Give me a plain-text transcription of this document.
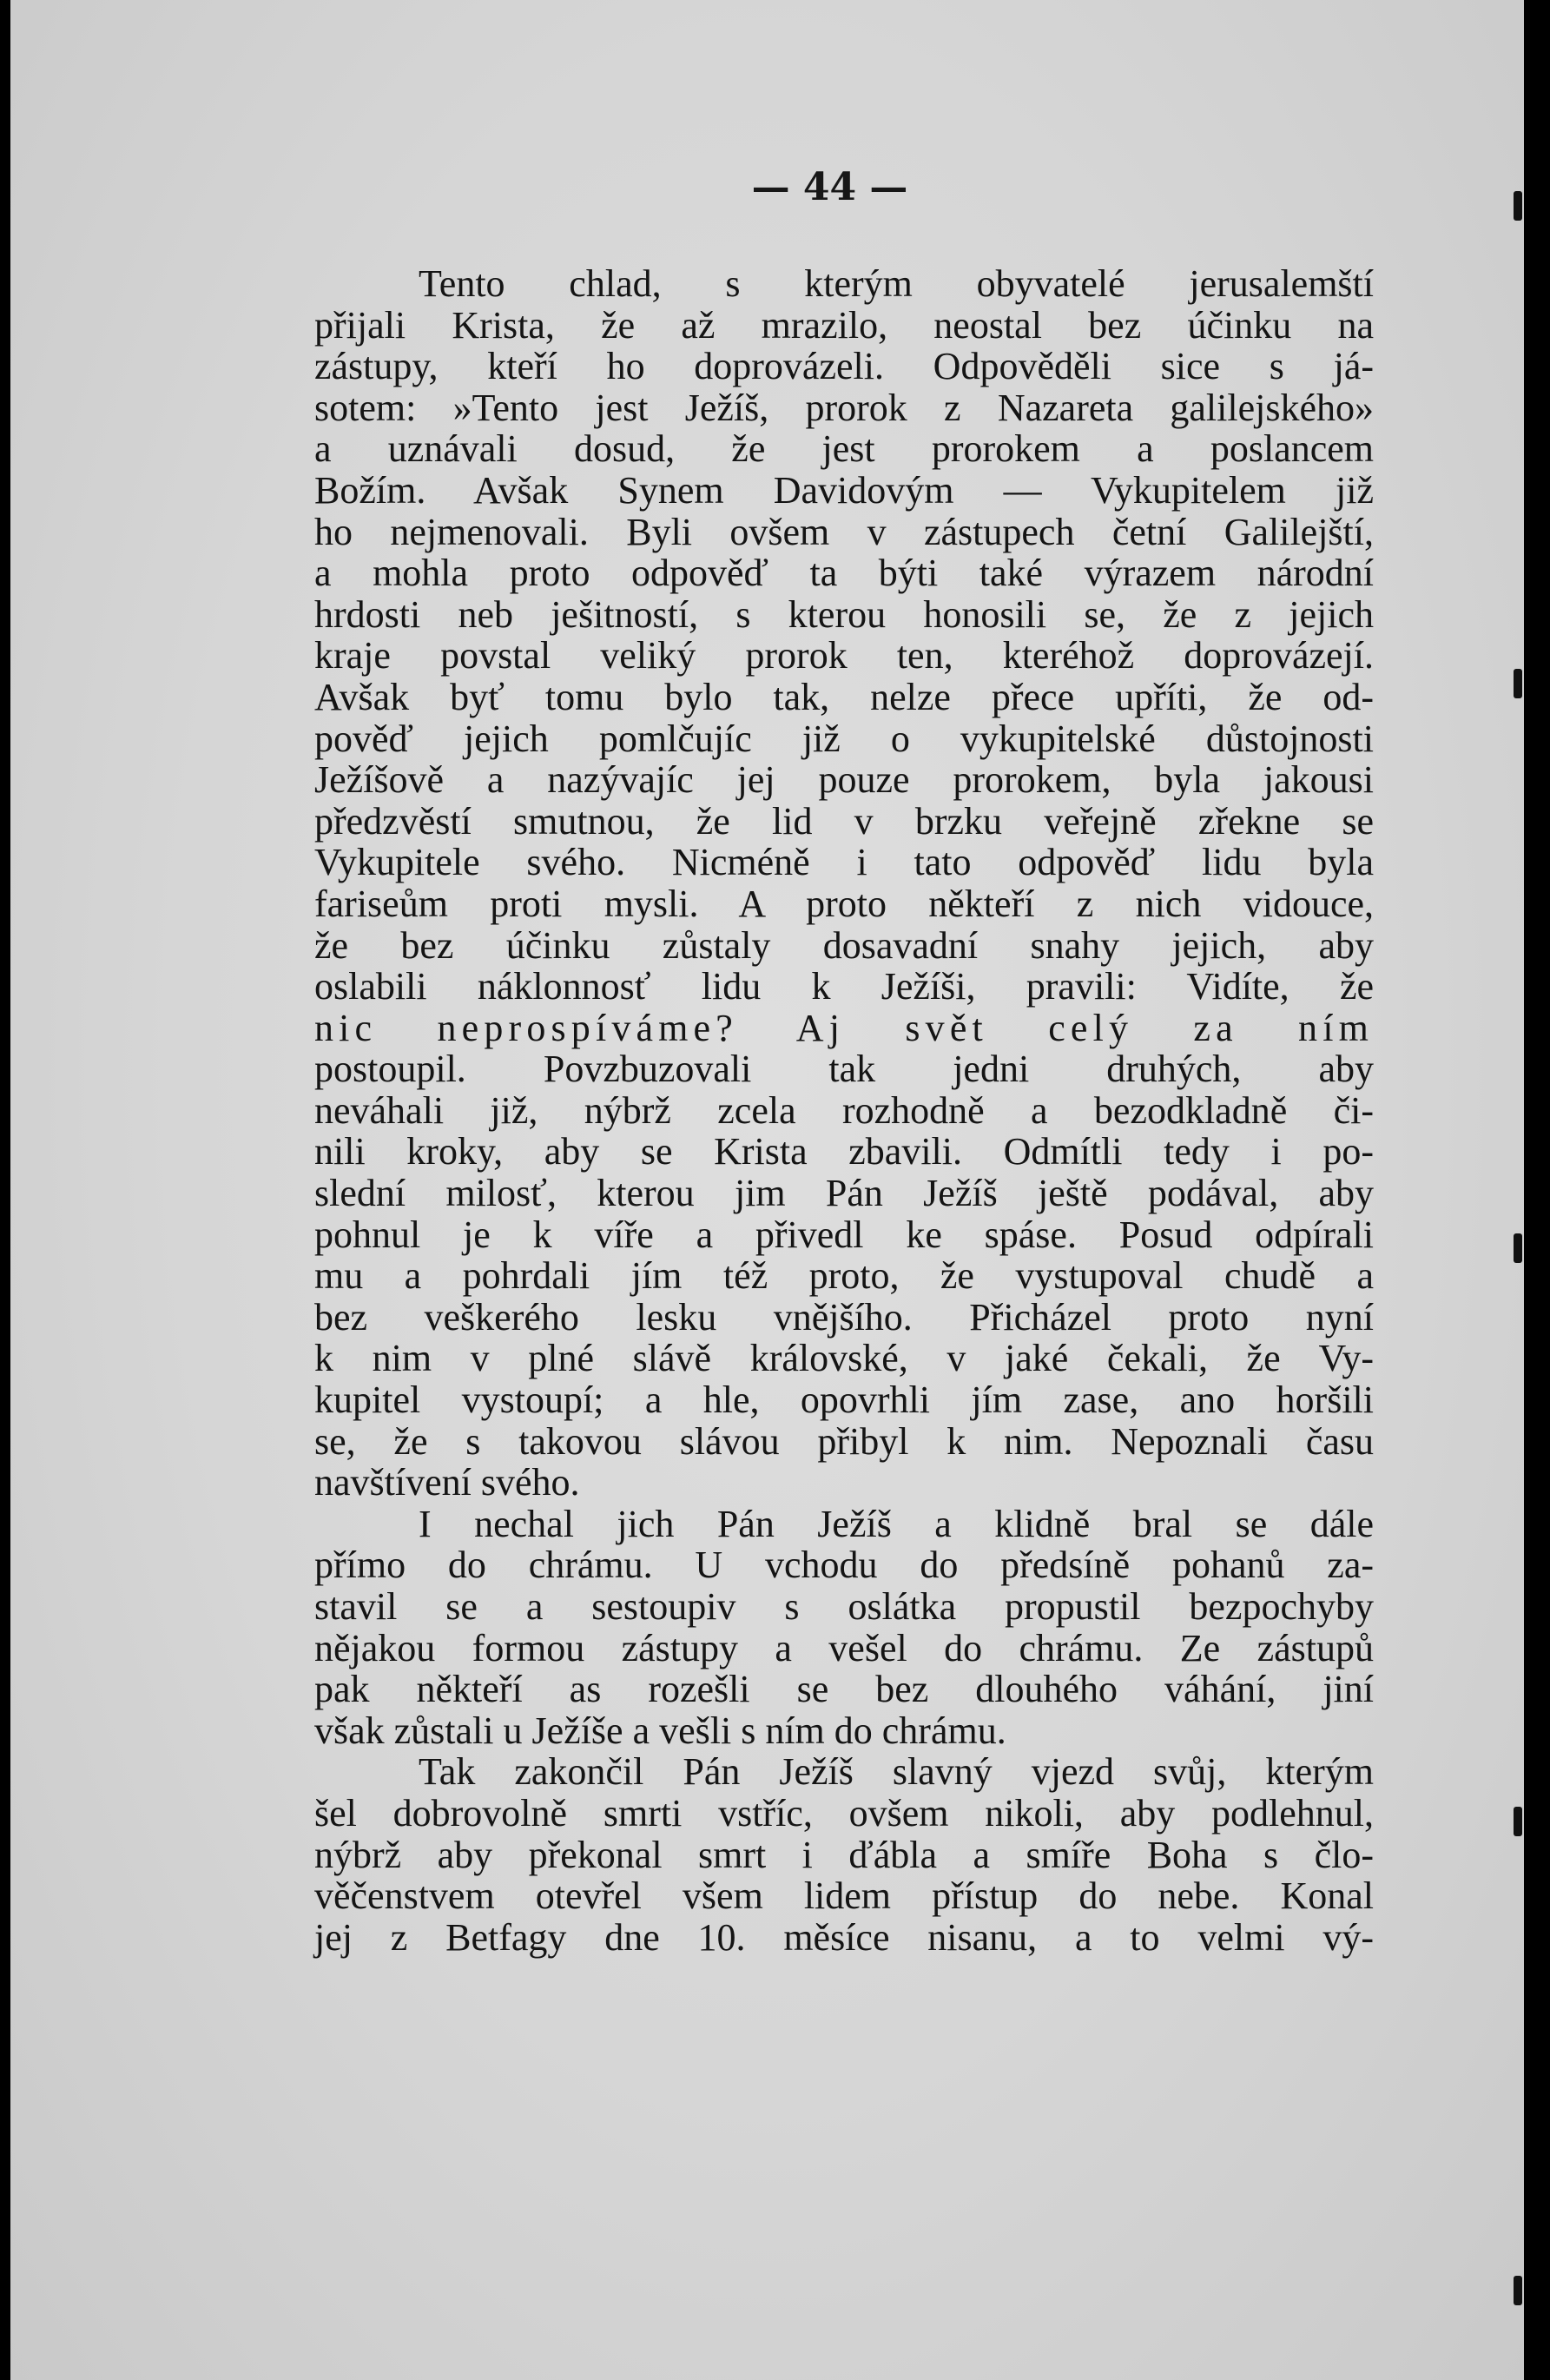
— 44 —
Tento chlad, s kterým obyvatelé jerusalemští
přijali Krista, že až mrazilo, neostal bez účinku na
zástupy, kteří ho doprovázeli. Odpověděli sice s já-
sotem: »Tento jest Ježíš, prorok z Nazareta galilejského»
a uznávali dosud, že jest prorokem a poslancem
Božím. Avšak Synem Davidovým — Vykupitelem již
ho nejmenovali. Byli ovšem v zástupech četní Galilejští,
a mohla proto odpověď ta býti také výrazem národní
hrdosti neb ješitností, s kterou honosili se, že z jejich
kraje povstal veliký prorok ten, kteréhož doprovázejí.
Avšak byť tomu bylo tak, nelze přece upříti, že od-
pověď jejich pomlčujíc již o vykupitelské důstojnosti
Ježíšově a nazývajíc jej pouze prorokem, byla jakousi
předzvěstí smutnou, že lid v brzku veřejně zřekne se
Vykupitele svého. Nicméně i tato odpověď lidu byla
fariseům proti mysli. A proto někteří z nich vidouce,
že bez účinku zůstaly dosavadní snahy jejich, aby
oslabili náklonnosť lidu k Ježíši, pravili: Vidíte, že
nic neprospíváme? Aj svět celý za ním
postoupil. Povzbuzovali tak jedni druhých, aby
neváhali již, nýbrž zcela rozhodně a bezodkladně či-
nili kroky, aby se Krista zbavili. Odmítli tedy i po-
slední milosť, kterou jim Pán Ježíš ještě podával, aby
pohnul je k víře a přivedl ke spáse. Posud odpírali
mu a pohrdali jím též proto, že vystupoval chudě a
bez veškerého lesku vnějšího. Přicházel proto nyní
k nim v plné slávě královské, v jaké čekali, že Vy-
kupitel vystoupí; a hle, opovrhli jím zase, ano horšili
se, že s takovou slávou přibyl k nim. Nepoznali času
navštívení svého.
I nechal jich Pán Ježíš a klidně bral se dále
přímo do chrámu. U vchodu do předsíně pohanů za-
stavil se a sestoupiv s oslátka propustil bezpochyby
nějakou formou zástupy a vešel do chrámu. Ze zástupů
pak někteří as rozešli se bez dlouhého váhání, jiní
však zůstali u Ježíše a vešli s ním do chrámu.
Tak zakončil Pán Ježíš slavný vjezd svůj, kterým
šel dobrovolně smrti vstříc, ovšem nikoli, aby podlehnul,
nýbrž aby překonal smrt i ďábla a smíře Boha s člo-
věčenstvem otevřel všem lidem přístup do nebe. Konal
jej z Betfagy dne 10. měsíce nisanu, a to velmi vý-
